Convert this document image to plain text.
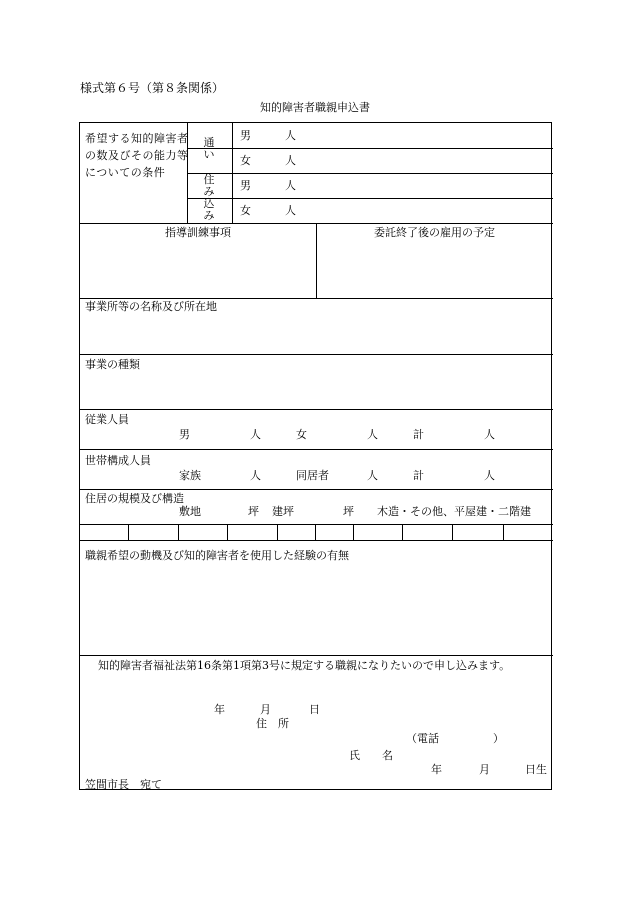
様式第６号（第８条関係）
知的障害者職親申込書
希望する知的障害者の数及びその能力等についての条件
通い
住み込み
男	人
女	人
男	人
女	人
指導訓練事項	委託終了後の雇用の予定
事業所等の名称及び所在地
事業の種類
従業人員
男	人	女	人	計	人
世帯構成人員
家族	人	同居者	人	計	人
住居の規模及び構造
敷地	坪 建坪	坪 木造・その他、平屋建・二階建
職親希望の動機及び知的障害者を使用した経験の有無
知的障害者福祉法第16条第1項第3号に規定する職親になりたいので申し込みます。
年	月	日
住　所
（電話	）
氏　　名
年	月	日生
笠間市長　宛て
